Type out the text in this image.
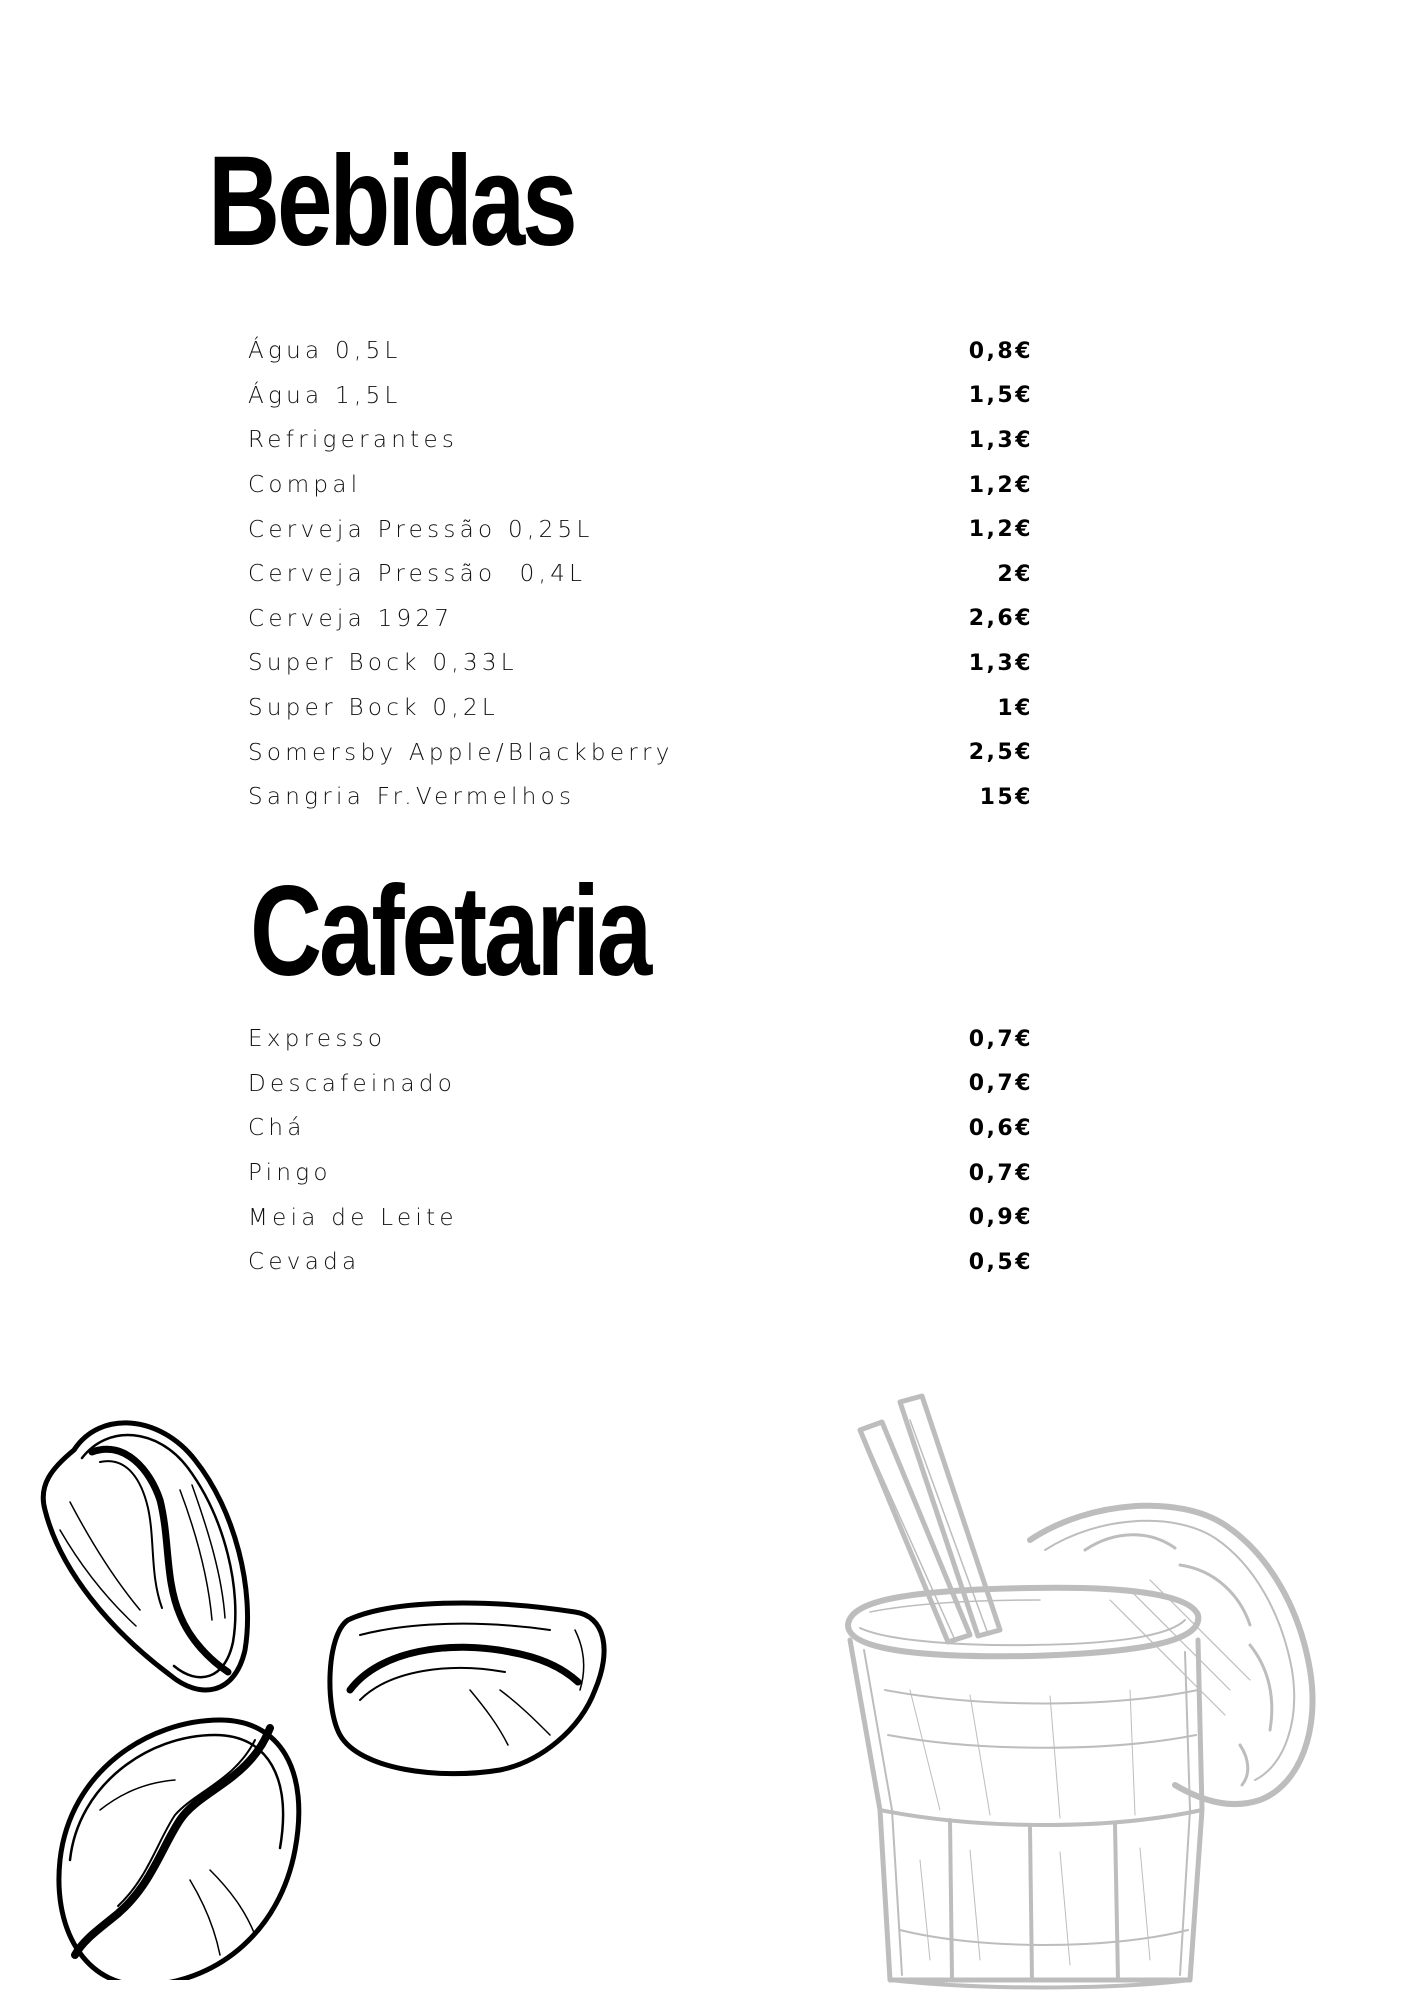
Bebidas
Água 0,5L	0,8€
Água 1,5L	1,5€
Refrigerantes	1,3€
Compal	1,2€
Cerveja Pressão 0,25L	1,2€
Cerveja Pressão  0,4L	2€
Cerveja 1927	2,6€
Super Bock 0,33L	1,3€
Super Bock 0,2L	1€
Somersby Apple/Blackberry	2,5€
Sangria Fr.Vermelhos	15€
Cafetaria
Expresso	0,7€
Descafeinado	0,7€
Chá	0,6€
Pingo	0,7€
Meia de Leite	0,9€
Cevada	0,5€
